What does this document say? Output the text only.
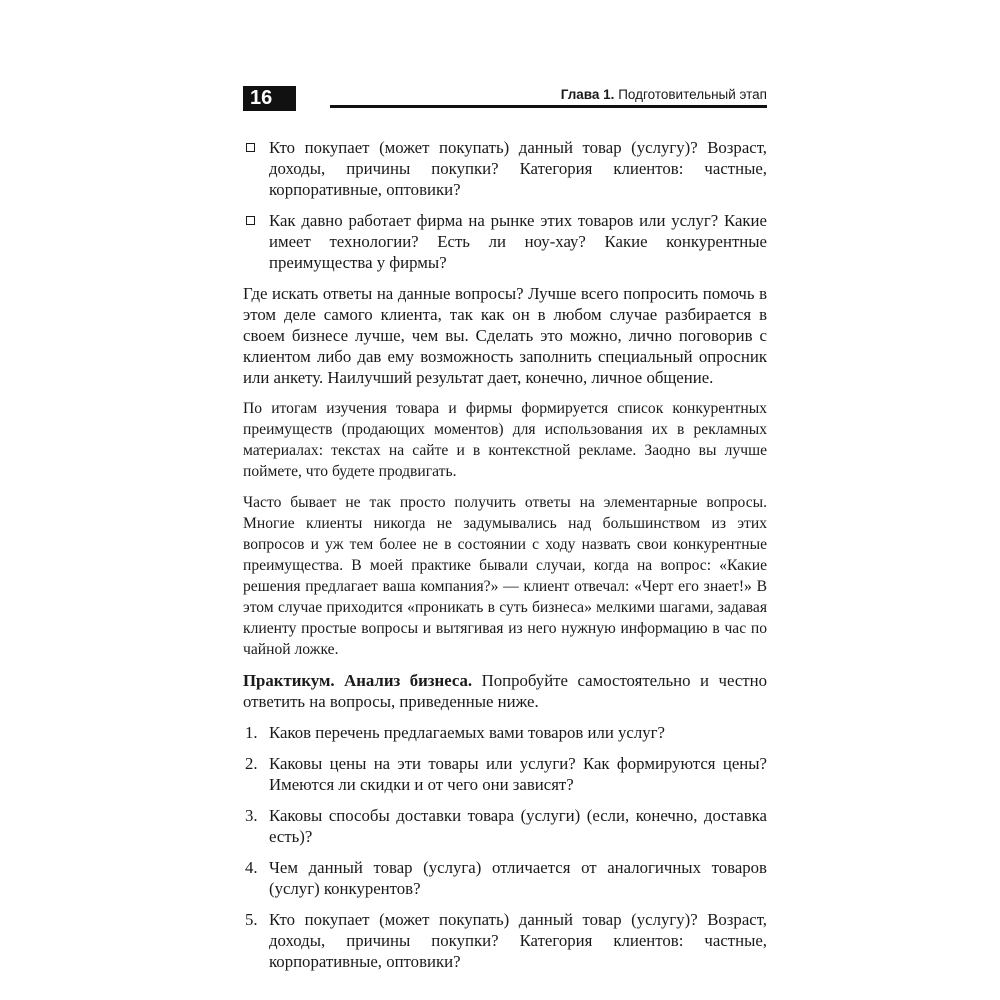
16	Глава 1. Подготовительный этап
Кто покупает (может покупать) данный товар (услугу)? Возраст, доходы, причины покупки? Категория клиентов: частные, корпоративные, оптовики?
Как давно работает фирма на рынке этих товаров или услуг? Какие имеет технологии? Есть ли ноу-хау? Какие конкурентные преимущества у фирмы?

Где искать ответы на данные вопросы? Лучше всего попросить помочь в этом деле самого клиента, так как он в любом случае разбирается в своем бизнесе лучше, чем вы. Сделать это можно, лично поговорив с клиентом либо дав ему возможность заполнить специальный опросник или анкету. Наилучший результат дает, конечно, личное общение.

По итогам изучения товара и фирмы формируется список конкурентных преимуществ (продающих моментов) для использования их в рекламных материалах: текстах на сайте и в контекстной рекламе. Заодно вы лучше поймете, что будете продвигать.

Часто бывает не так просто получить ответы на элементарные вопросы. Многие клиенты никогда не задумывались над большинством из этих вопросов и уж тем более не в состоянии с ходу назвать свои конкурентные преимущества. В моей практике бывали случаи, когда на вопрос: «Какие решения предлагает ваша компания?» — клиент отвечал: «Черт его знает!» В этом случае приходится «проникать в суть бизнеса» мелкими шагами, задавая клиенту простые вопросы и вытягивая из него нужную информацию в час по чайной ложке.

Практикум. Анализ бизнеса. Попробуйте самостоятельно и честно ответить на вопросы, приведенные ниже.

1. Каков перечень предлагаемых вами товаров или услуг?
2. Каковы цены на эти товары или услуги? Как формируются цены? Имеются ли скидки и от чего они зависят?
3. Каковы способы доставки товара (услуги) (если, конечно, доставка есть)?
4. Чем данный товар (услуга) отличается от аналогичных товаров (услуг) конкурентов?
5. Кто покупает (может покупать) данный товар (услугу)? Возраст, доходы, причины покупки? Категория клиентов: частные, корпоративные, оптовики?
